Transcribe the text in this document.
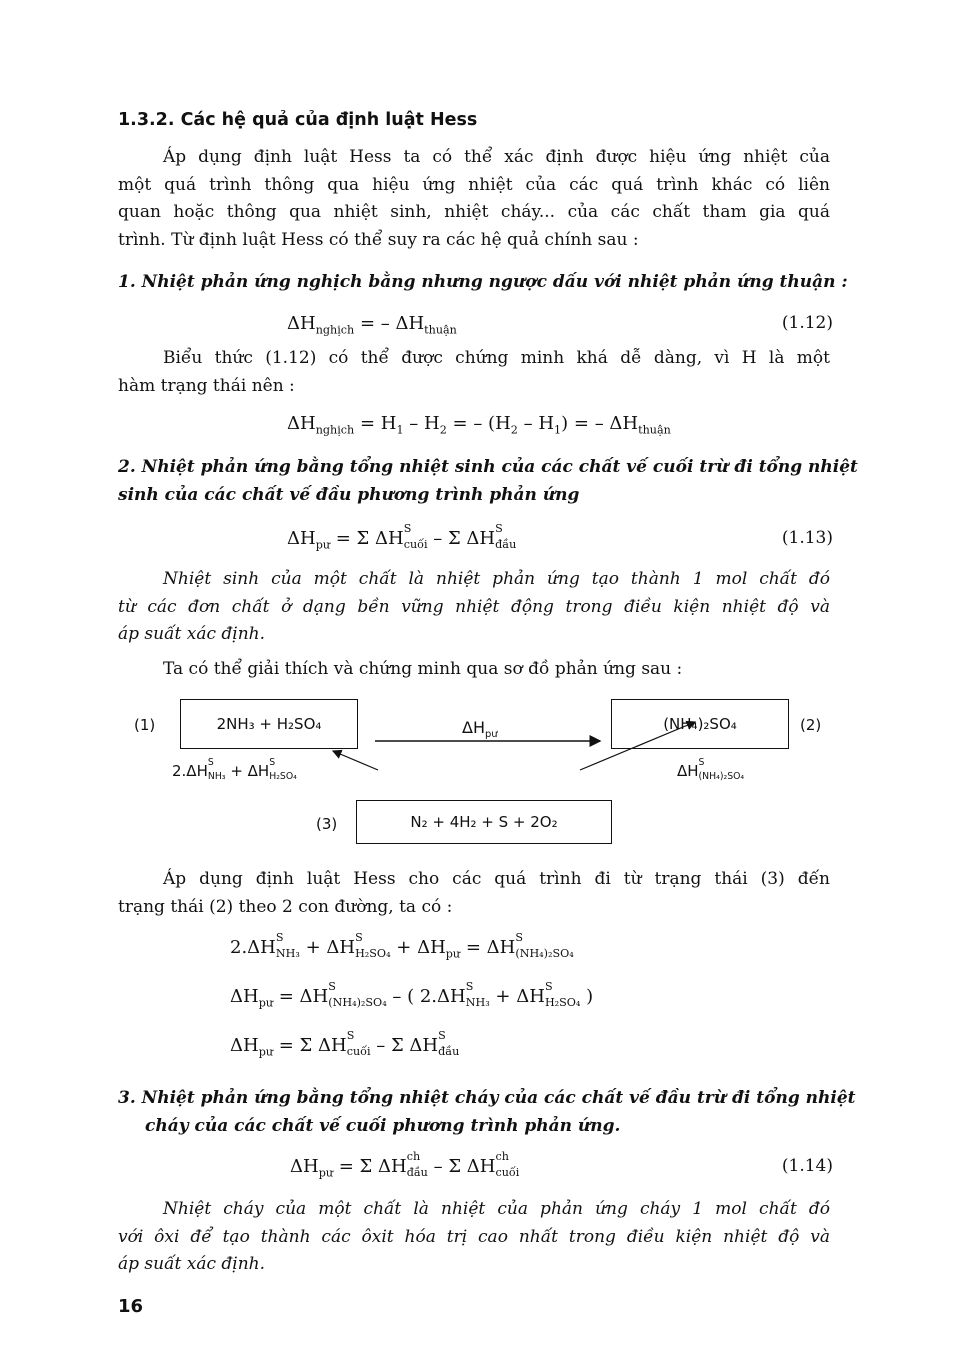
1.3.2. Các hệ quả của định luật Hess
Áp dụng định luật Hess ta có thể xác định được hiệu ứng nhiệt của
một quá trình thông qua hiệu ứng nhiệt của các quá trình khác có liên
quan hoặc thông qua nhiệt sinh, nhiệt cháy... của các chất tham gia quá
trình. Từ định luật Hess có thể suy ra các hệ quả chính sau :
1. Nhiệt phản ứng nghịch bằng nhưng ngược dấu với nhiệt phản ứng thuận :
$\Delta H_{nghịch}$ = – $\Delta H_{thuận}$	(1.12)
Biểu thức (1.12) có thể được chứng minh khá dễ dàng, vì H là một
hàm trạng thái nên :
$\Delta H_{nghịch} = H_1 - H_2$ = – $(H_2 - H_1)$ = – $\Delta H_{thuận}$
2. Nhiệt phản ứng bằng tổng nhiệt sinh của các chất vế cuối trừ đi tổng nhiệt
sinh của các chất vế đầu phương trình phản ứng
$\Delta H_{pư} = \Sigma$ ΔH S
$_{cuối}$ – Σ ΔH S
$_{đầu}$	(1.13)
Nhiệt sinh của một chất là nhiệt phản ứng tạo thành 1 mol chất đó
từ các đơn chất ở dạng bền vững nhiệt động trong điều kiện nhiệt độ và
áp suất xác định.
Ta có thể giải thích và chứng minh qua sơ đồ phản ứng sau :
(1)	2NH₃ + H₂SO₄	$\Delta H_{pư}$
(NH₄)₂SO₄	(2)
2.ΔH S
$_{NH_3}$ + ΔH S
$_{H_2SO_4}$	ΔH S
$_{(NH_4)_2SO_4}$
(3)	N₂ + 4H₂ + S + 2O₂
Áp dụng định luật Hess cho các quá trình đi từ trạng thái (3) đến
trạng thái (2) theo 2 con đường, ta có :
2.ΔH S
$_{NH_3}$ + ΔH S
$_{H_2SO_4} + \Delta H_{pư} = \Delta H$ S
$_{(NH_4)_2SO_4}$
$\Delta H_{pư} = \Delta H$ S
$_{(NH_4)_2SO_4}$ – ( 2.ΔH S
$_{NH_3}$ + ΔH S
$_{H_2SO_4}$ )
$\Delta H_{pư} = \Sigma$ ΔH S
$_{cuối}$ – Σ ΔH S
$_{đầu}$
3. Nhiệt phản ứng bằng tổng nhiệt cháy của các chất vế đầu trừ đi tổng nhiệt
cháy của các chất vế cuối phương trình phản ứng.
$\Delta H_{pư} = \Sigma$ ΔH ch
$_{đầu}$ – Σ ΔH ch
$_{cuối}$	(1.14)
Nhiệt cháy của một chất là nhiệt của phản ứng cháy 1 mol chất đó
với ôxi để tạo thành các ôxit hóa trị cao nhất trong điều kiện nhiệt độ và
áp suất xác định.
16
